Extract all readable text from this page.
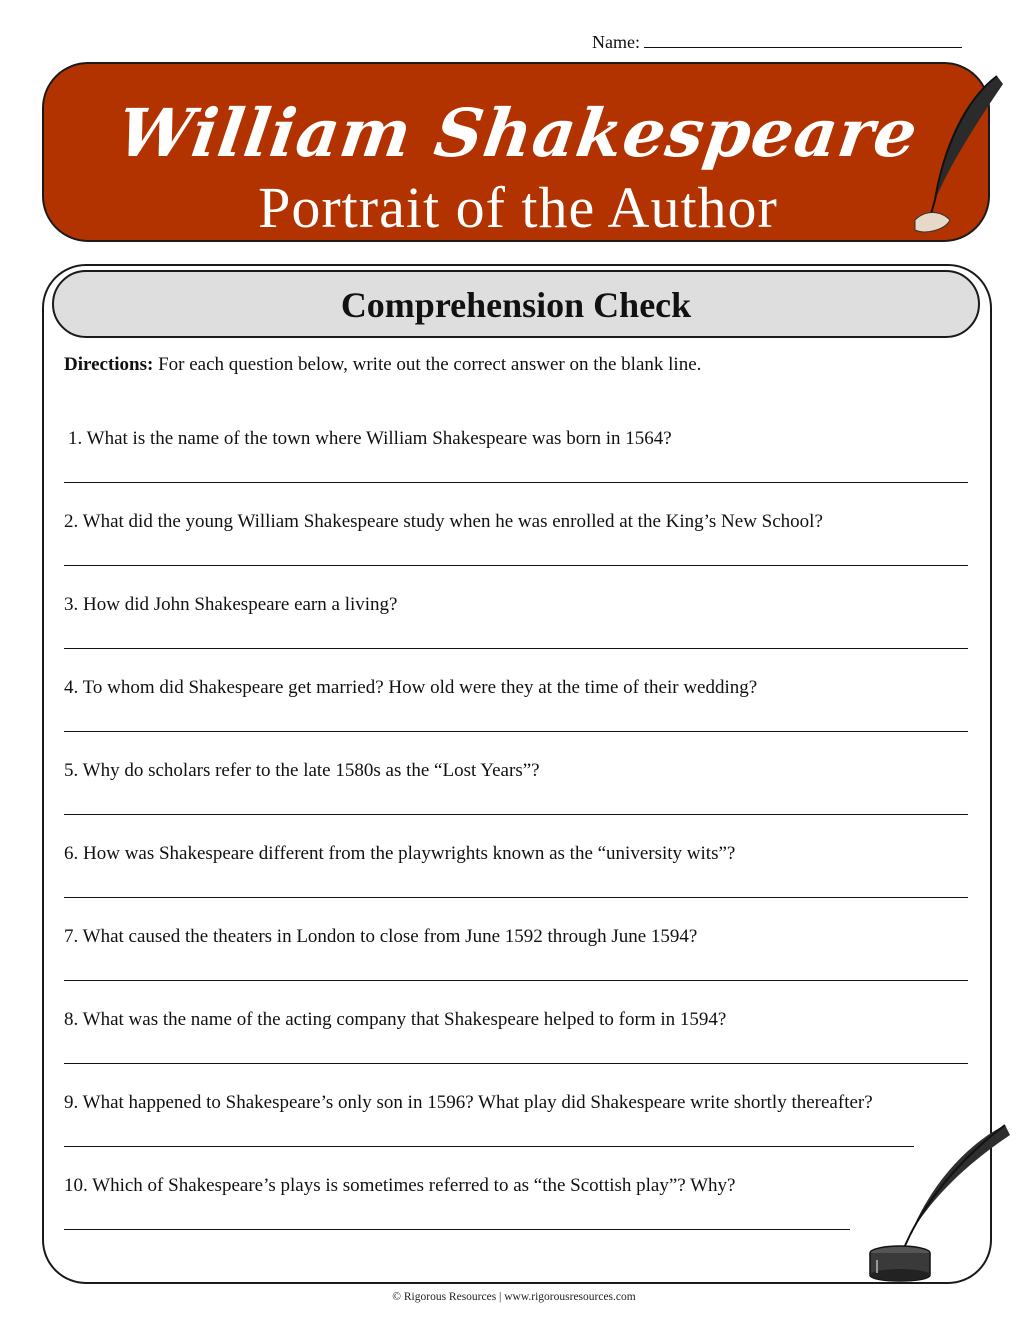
Name:
William Shakespeare
Portrait of the Author
Comprehension Check
Directions: For each question below, write out the correct answer on the blank line.
1. What is the name of the town where William Shakespeare was born in 1564?
2. What did the young William Shakespeare study when he was enrolled at the King’s New School?
3. How did John Shakespeare earn a living?
4. To whom did Shakespeare get married? How old were they at the time of their wedding?
5. Why do scholars refer to the late 1580s as the “Lost Years”?
6. How was Shakespeare different from the playwrights known as the “university wits”?
7. What caused the theaters in London to close from June 1592 through June 1594?
8. What was the name of the acting company that Shakespeare helped to form in 1594?
9. What happened to Shakespeare’s only son in 1596? What play did Shakespeare write shortly thereafter?
10. Which of Shakespeare’s plays is sometimes referred to as “the Scottish play”? Why?
© Rigorous Resources | www.rigorousresources.com
